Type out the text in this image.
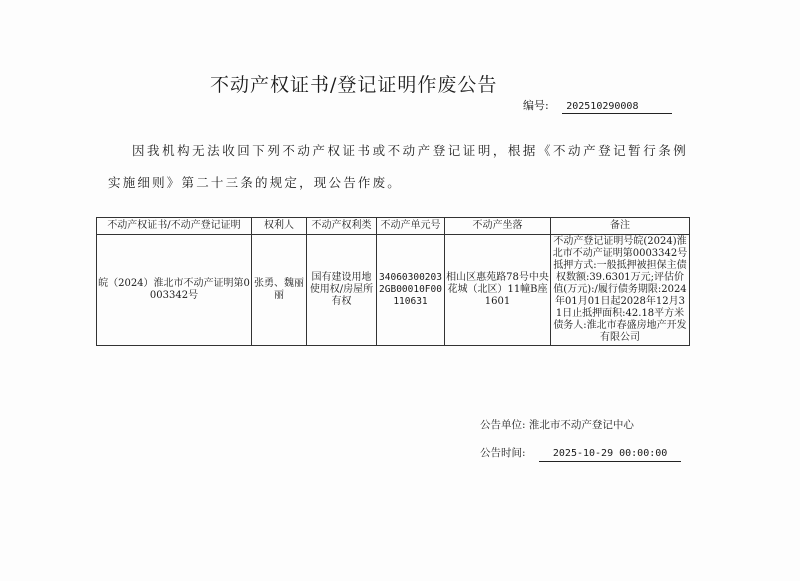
不动产权证书/登记证明作废公告
编号: 202510290008

因我机构无法收回下列不动产权证书或不动产登记证明，根据《不动产登记暂行条例实施细则》第二十三条的规定，现公告作废。

不动产权证书/不动产登记证明	权利人	不动产权利类	不动产单元号	不动产坐落	备注
皖（2024）淮北市不动产证明第0003342号	张勇、魏丽丽	国有建设用地使用权/房屋所有权	340603002032GB00010F00110631	相山区惠苑路78号中央花城（北区）11幢B座1601	不动产登记证明号皖(2024)淮北市不动产证明第0003342号抵押方式:一般抵押被担保主债权数额:39.6301万元;评估价值(万元):/履行债务期限:2024年01月01日起2028年12月31日止抵押面积:42.18平方米债务人:淮北市春盛房地产开发有限公司
公告单位: 淮北市不动产登记中心
公告时间:	2025-10-29 00:00:00
